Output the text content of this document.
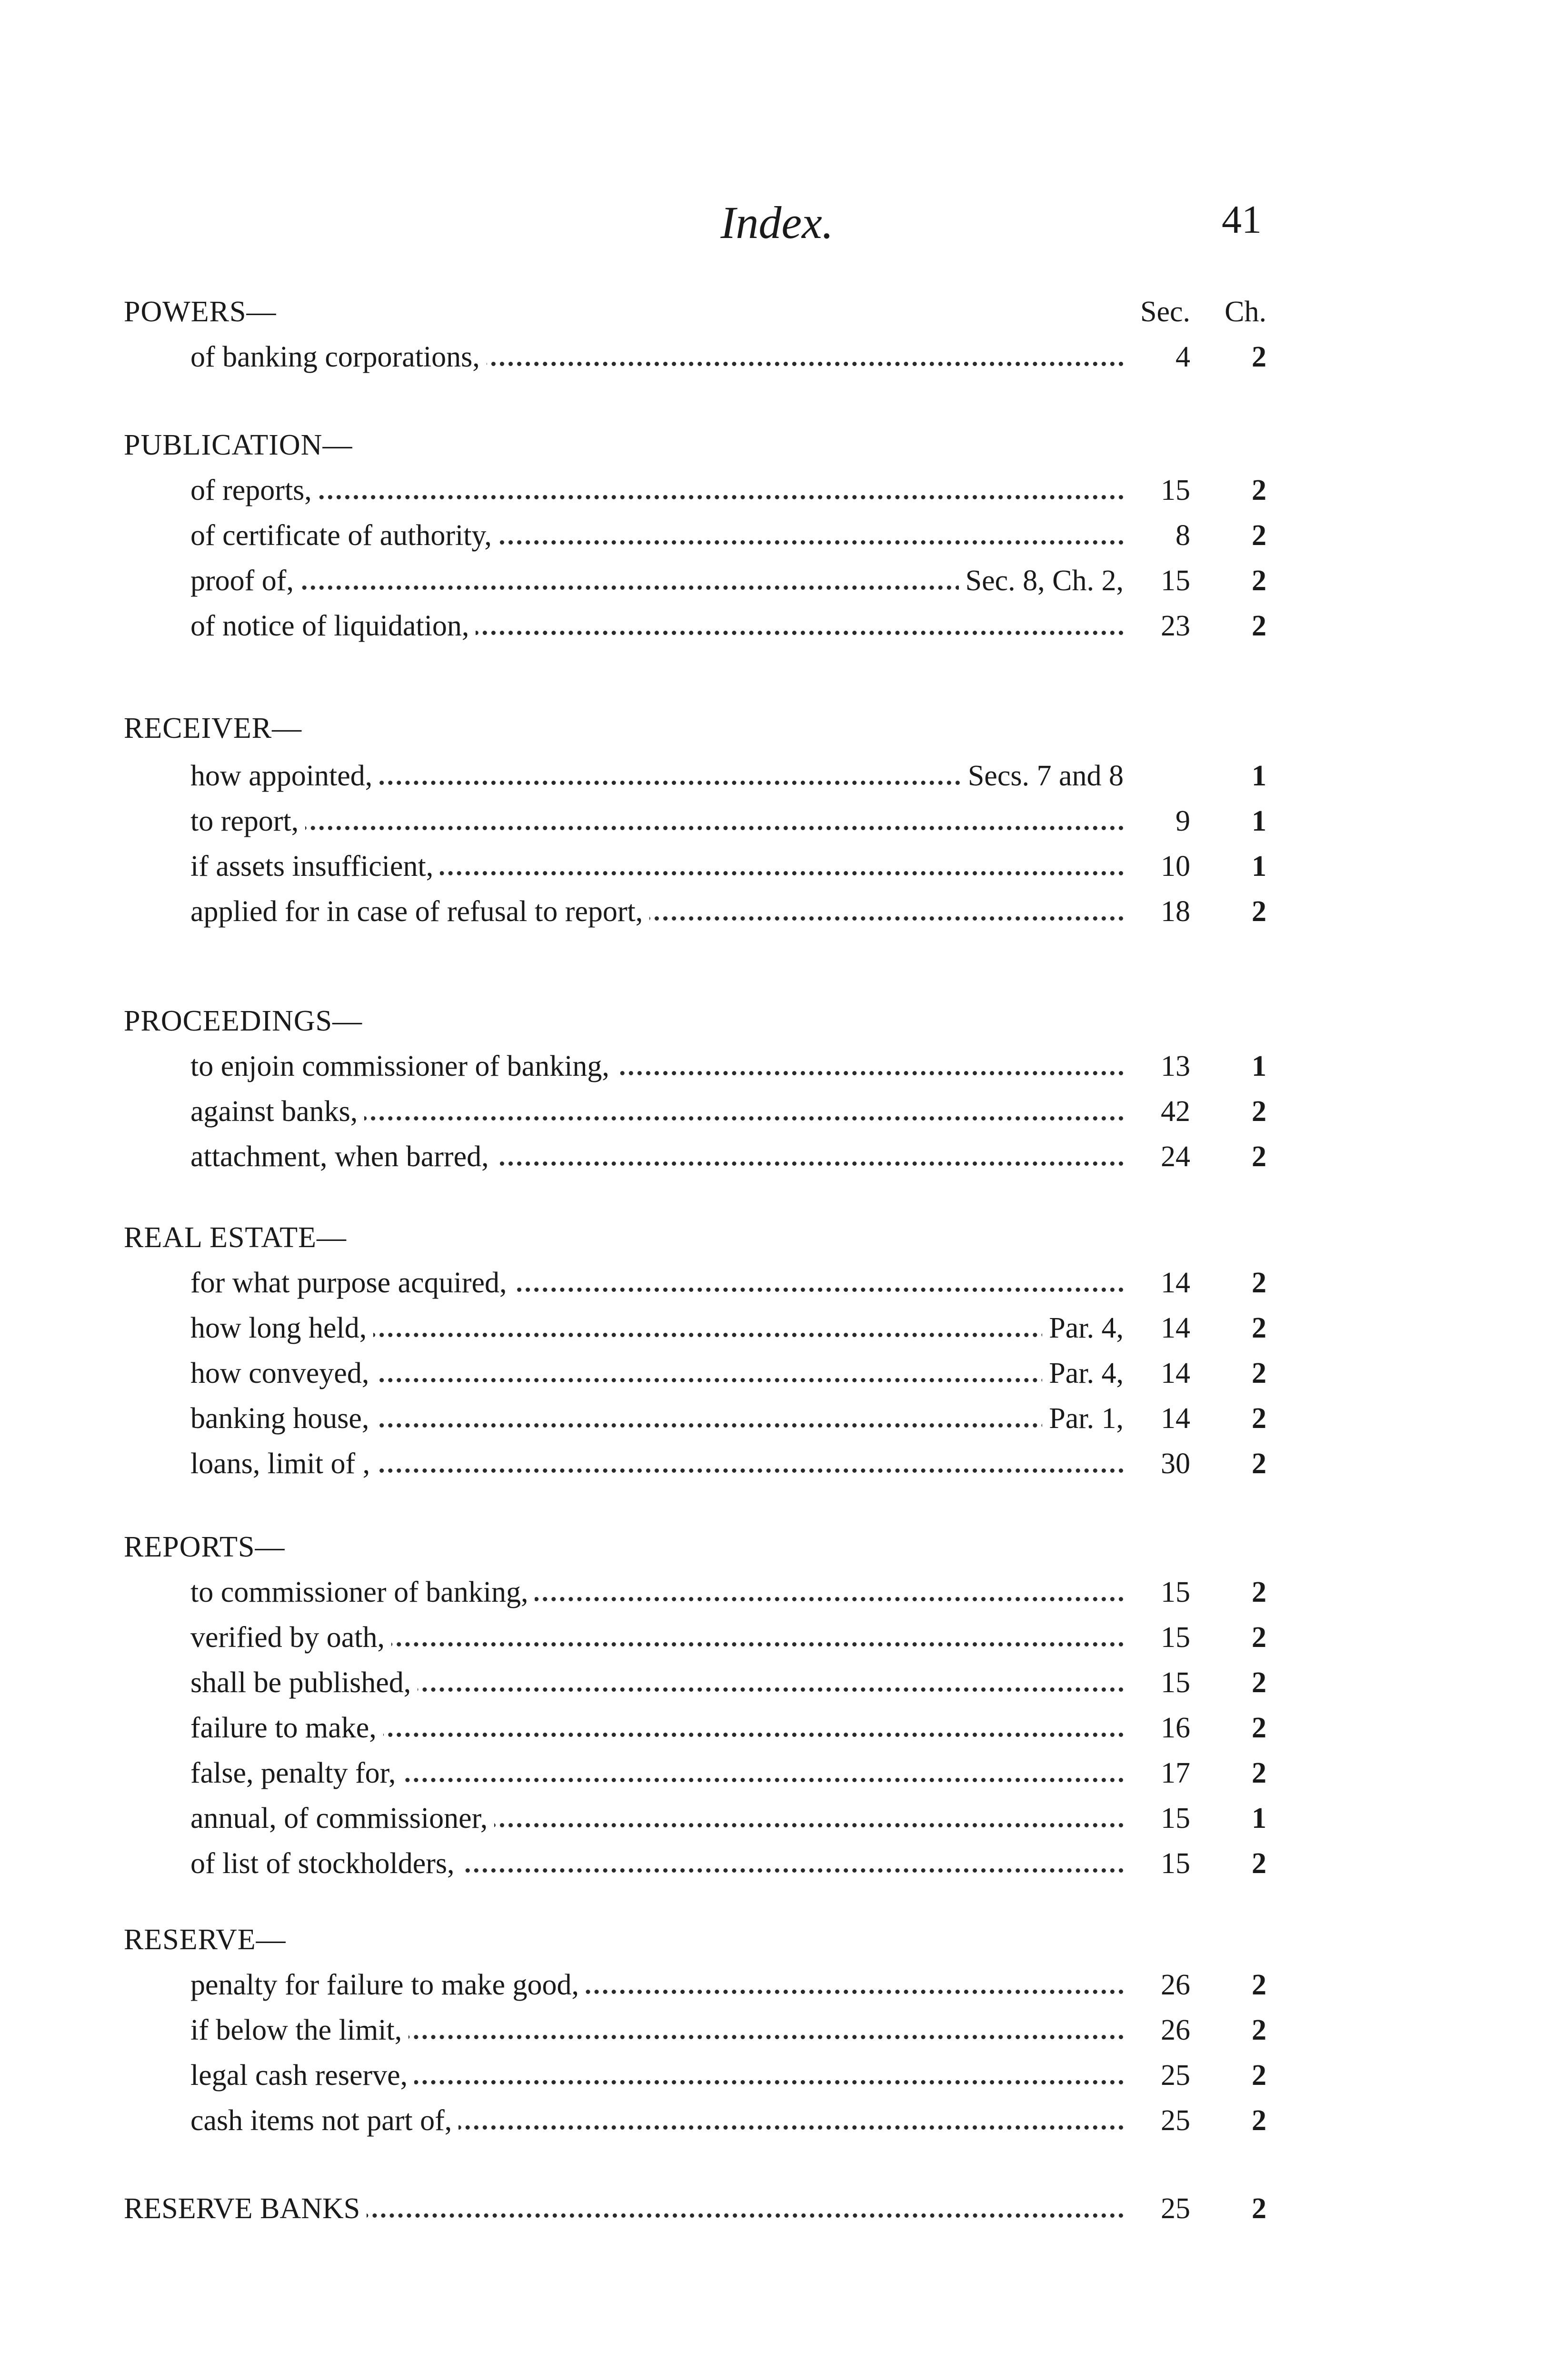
Index.	41
Sec.	Ch.
POWERS—
of banking corporations,	4	2
PUBLICATION—
of reports,	15	2
of certificate of authority,	8	2
proof of,	Sec. 8, Ch. 2,	15	2
of notice of liquidation,	23	2
RECEIVER—
how appointed,	Secs. 7 and 8	1
to report,	9	1
if assets insufficient,	10	1
applied for in case of refusal to report,	18	2
PROCEEDINGS—
to enjoin commissioner of banking,	13	1
against banks,	42	2
attachment, when barred,	24	2
REAL ESTATE—
for what purpose acquired,	14	2
how long held,	Par. 4,	14	2
how conveyed,	Par. 4,	14	2
banking house,	Par. 1,	14	2
loans, limit of ,	30	2
REPORTS—
to commissioner of banking,	15	2
verified by oath,	15	2
shall be published,	15	2
failure to make,	16	2
false, penalty for,	17	2
annual, of commissioner,	15	1
of list of stockholders,	15	2
RESERVE—
penalty for failure to make good,	26	2
if below the limit,	26	2
legal cash reserve,	25	2
cash items not part of,	25	2
RESERVE BANKS	25	2
